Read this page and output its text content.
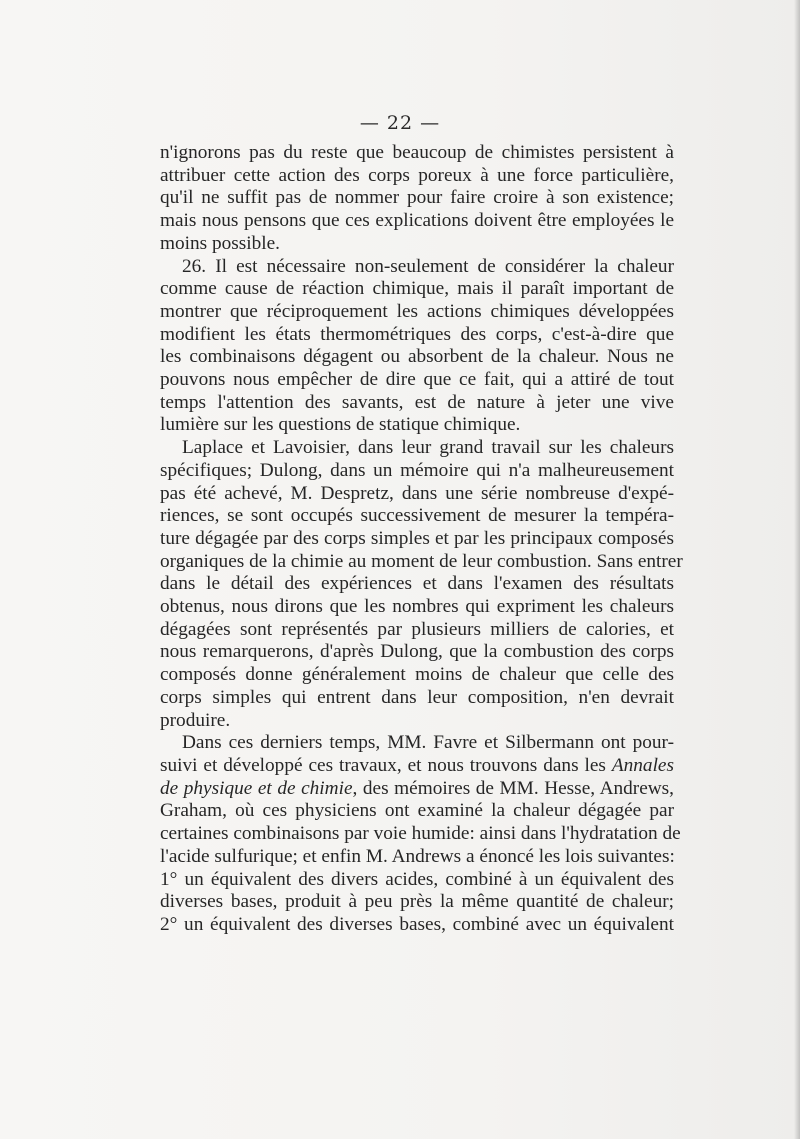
— 22 —
n'ignorons pas du reste que beaucoup de chimistes persistent à
attribuer cette action des corps poreux à une force particulière,
qu'il ne suffit pas de nommer pour faire croire à son existence;
mais nous pensons que ces explications doivent être employées le
moins possible.
26. Il est nécessaire non-seulement de considérer la chaleur
comme cause de réaction chimique, mais il paraît important de
montrer que réciproquement les actions chimiques développées
modifient les états thermométriques des corps, c'est-à-dire que
les combinaisons dégagent ou absorbent de la chaleur. Nous ne
pouvons nous empêcher de dire que ce fait, qui a attiré de tout
temps l'attention des savants, est de nature à jeter une vive
lumière sur les questions de statique chimique.
Laplace et Lavoisier, dans leur grand travail sur les chaleurs
spécifiques; Dulong, dans un mémoire qui n'a malheureusement
pas été achevé, M. Despretz, dans une série nombreuse d'expé-
riences, se sont occupés successivement de mesurer la tempéra-
ture dégagée par des corps simples et par les principaux composés
organiques de la chimie au moment de leur combustion. Sans entrer
dans le détail des expériences et dans l'examen des résultats
obtenus, nous dirons que les nombres qui expriment les chaleurs
dégagées sont représentés par plusieurs milliers de calories, et
nous remarquerons, d'après Dulong, que la combustion des corps
composés donne généralement moins de chaleur que celle des
corps simples qui entrent dans leur composition, n'en devrait
produire.
Dans ces derniers temps, MM. Favre et Silbermann ont pour-
suivi et développé ces travaux, et nous trouvons dans les Annales
de physique et de chimie, des mémoires de MM. Hesse, Andrews,
Graham, où ces physiciens ont examiné la chaleur dégagée par
certaines combinaisons par voie humide: ainsi dans l'hydratation de
l'acide sulfurique; et enfin M. Andrews a énoncé les lois suivantes:
1° un équivalent des divers acides, combiné à un équivalent des
diverses bases, produit à peu près la même quantité de chaleur;
2° un équivalent des diverses bases, combiné avec un équivalent
